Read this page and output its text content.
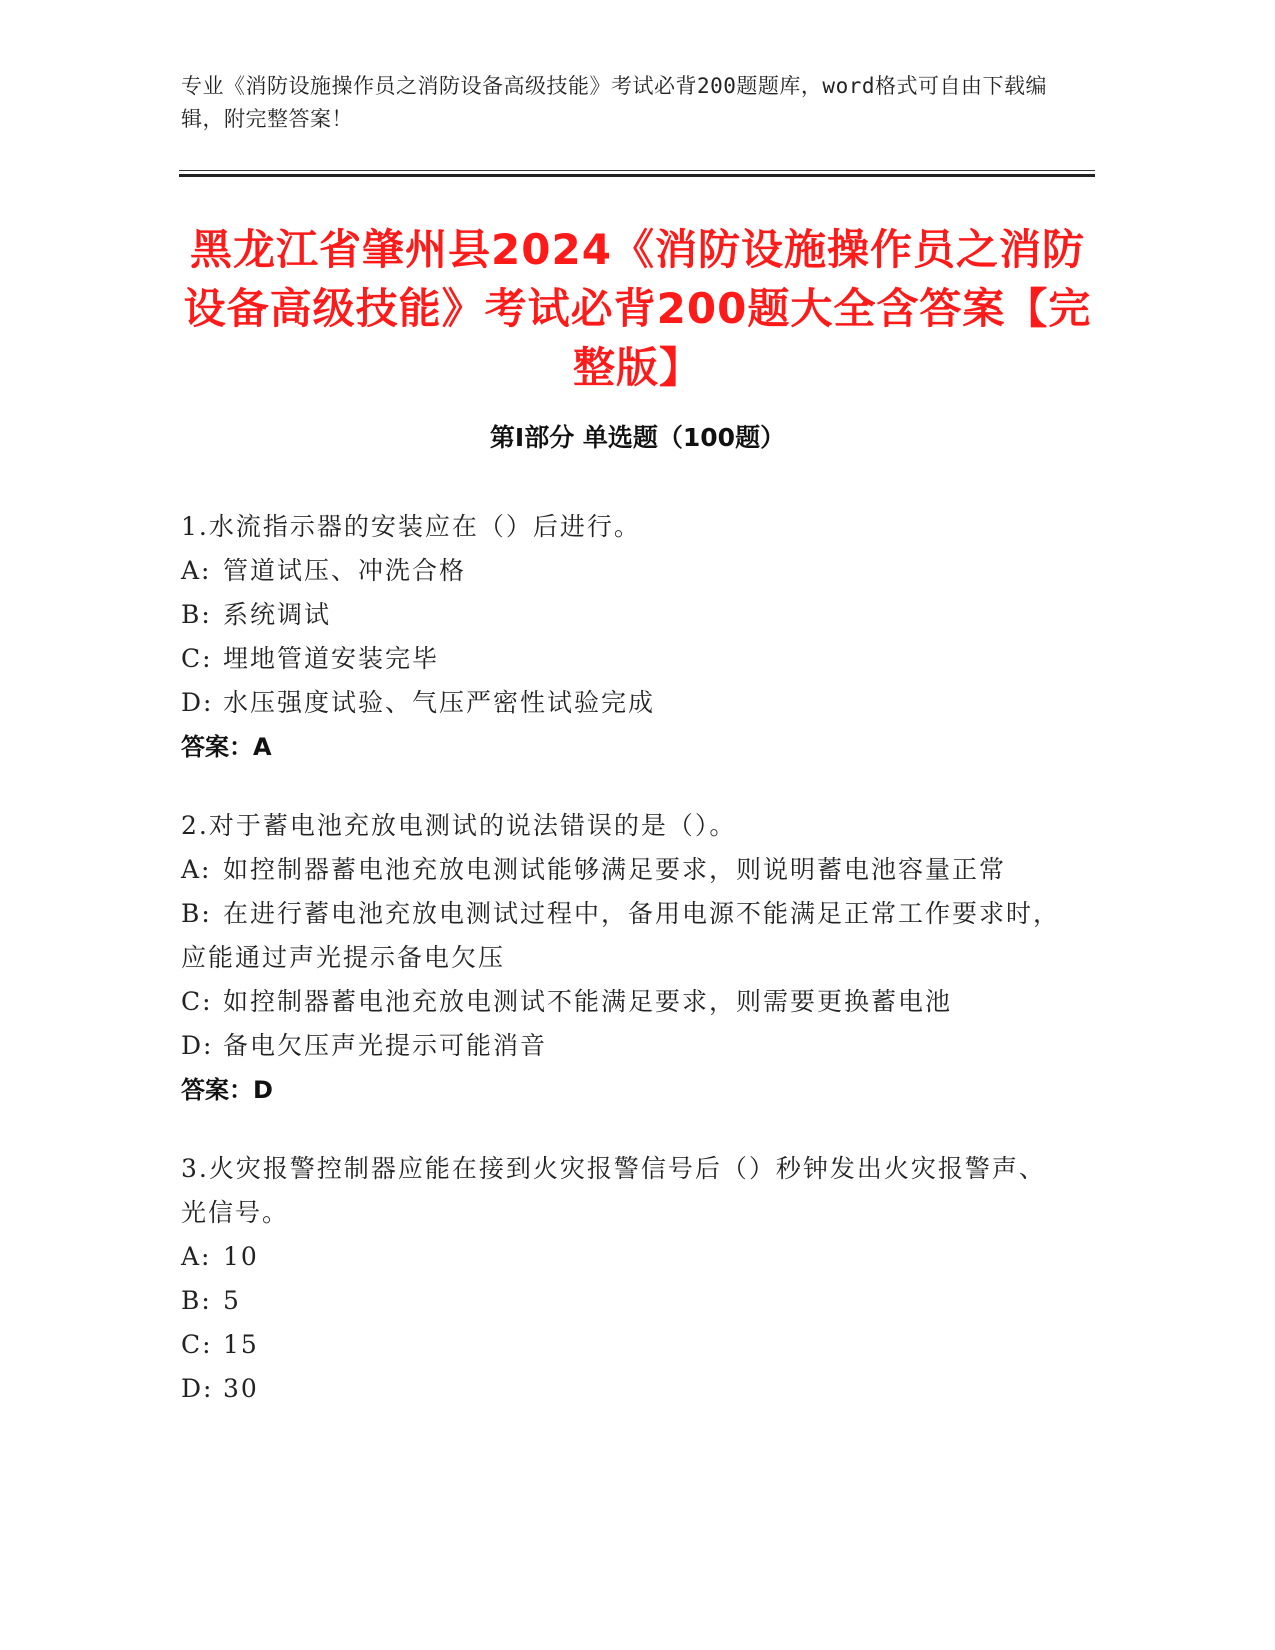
专业《消防设施操作员之消防设备高级技能》考试必背200题题库，word格式可自由下载编辑，附完整答案！
黑龙江省肇州县2024《消防设施操作员之消防设备高级技能》考试必背200题大全含答案【完整版】
第I部分 单选题（100题）
1.水流指示器的安装应在（）后进行。
A: 管道试压、冲洗合格
B: 系统调试
C: 埋地管道安装完毕
D: 水压强度试验、气压严密性试验完成
答案：A
2.对于蓄电池充放电测试的说法错误的是（）。
A: 如控制器蓄电池充放电测试能够满足要求，则说明蓄电池容量正常
B: 在进行蓄电池充放电测试过程中，备用电源不能满足正常工作要求时，应能通过声光提示备电欠压
C: 如控制器蓄电池充放电测试不能满足要求，则需要更换蓄电池
D: 备电欠压声光提示可能消音
答案：D
3.火灾报警控制器应能在接到火灾报警信号后（）秒钟发出火灾报警声、光信号。
A: 10
B: 5
C: 15
D: 30
